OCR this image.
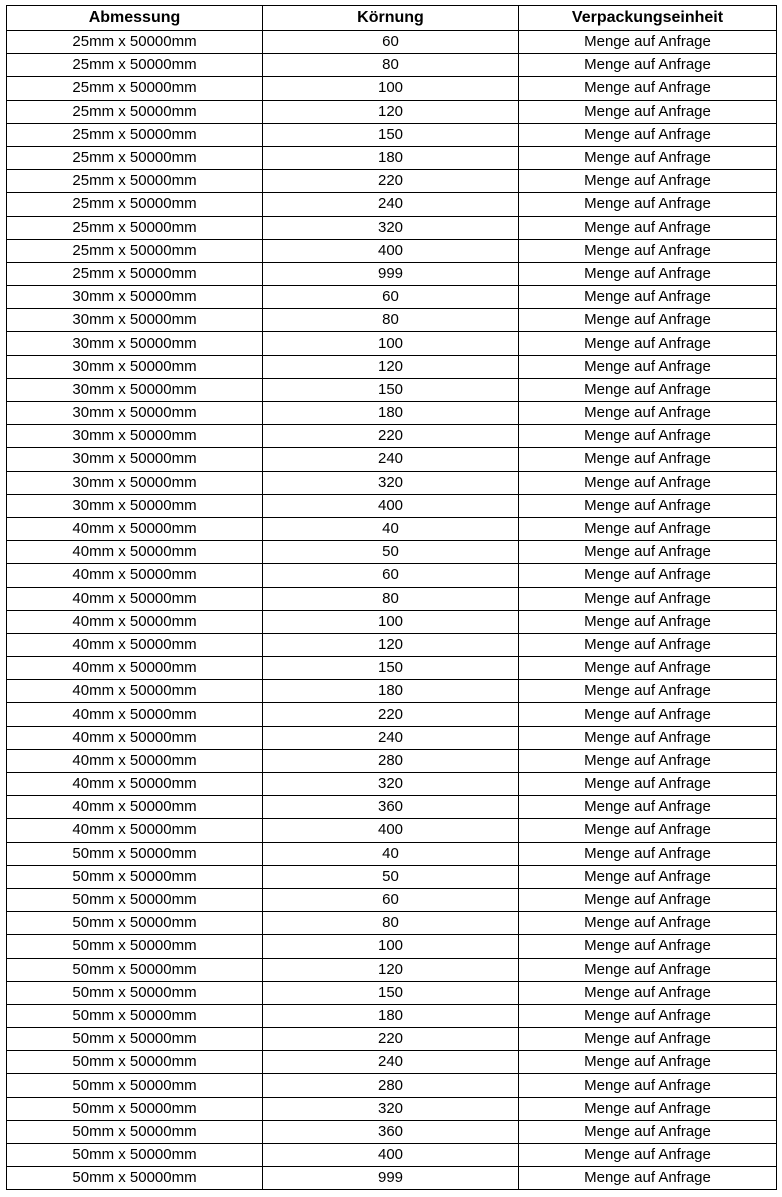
Abmessung	Körnung	Verpackungseinheit
25mm x 50000mm	60	Menge auf Anfrage
25mm x 50000mm	80	Menge auf Anfrage
25mm x 50000mm	100	Menge auf Anfrage
25mm x 50000mm	120	Menge auf Anfrage
25mm x 50000mm	150	Menge auf Anfrage
25mm x 50000mm	180	Menge auf Anfrage
25mm x 50000mm	220	Menge auf Anfrage
25mm x 50000mm	240	Menge auf Anfrage
25mm x 50000mm	320	Menge auf Anfrage
25mm x 50000mm	400	Menge auf Anfrage
25mm x 50000mm	999	Menge auf Anfrage
30mm x 50000mm	60	Menge auf Anfrage
30mm x 50000mm	80	Menge auf Anfrage
30mm x 50000mm	100	Menge auf Anfrage
30mm x 50000mm	120	Menge auf Anfrage
30mm x 50000mm	150	Menge auf Anfrage
30mm x 50000mm	180	Menge auf Anfrage
30mm x 50000mm	220	Menge auf Anfrage
30mm x 50000mm	240	Menge auf Anfrage
30mm x 50000mm	320	Menge auf Anfrage
30mm x 50000mm	400	Menge auf Anfrage
40mm x 50000mm	40	Menge auf Anfrage
40mm x 50000mm	50	Menge auf Anfrage
40mm x 50000mm	60	Menge auf Anfrage
40mm x 50000mm	80	Menge auf Anfrage
40mm x 50000mm	100	Menge auf Anfrage
40mm x 50000mm	120	Menge auf Anfrage
40mm x 50000mm	150	Menge auf Anfrage
40mm x 50000mm	180	Menge auf Anfrage
40mm x 50000mm	220	Menge auf Anfrage
40mm x 50000mm	240	Menge auf Anfrage
40mm x 50000mm	280	Menge auf Anfrage
40mm x 50000mm	320	Menge auf Anfrage
40mm x 50000mm	360	Menge auf Anfrage
40mm x 50000mm	400	Menge auf Anfrage
50mm x 50000mm	40	Menge auf Anfrage
50mm x 50000mm	50	Menge auf Anfrage
50mm x 50000mm	60	Menge auf Anfrage
50mm x 50000mm	80	Menge auf Anfrage
50mm x 50000mm	100	Menge auf Anfrage
50mm x 50000mm	120	Menge auf Anfrage
50mm x 50000mm	150	Menge auf Anfrage
50mm x 50000mm	180	Menge auf Anfrage
50mm x 50000mm	220	Menge auf Anfrage
50mm x 50000mm	240	Menge auf Anfrage
50mm x 50000mm	280	Menge auf Anfrage
50mm x 50000mm	320	Menge auf Anfrage
50mm x 50000mm	360	Menge auf Anfrage
50mm x 50000mm	400	Menge auf Anfrage
50mm x 50000mm	999	Menge auf Anfrage
